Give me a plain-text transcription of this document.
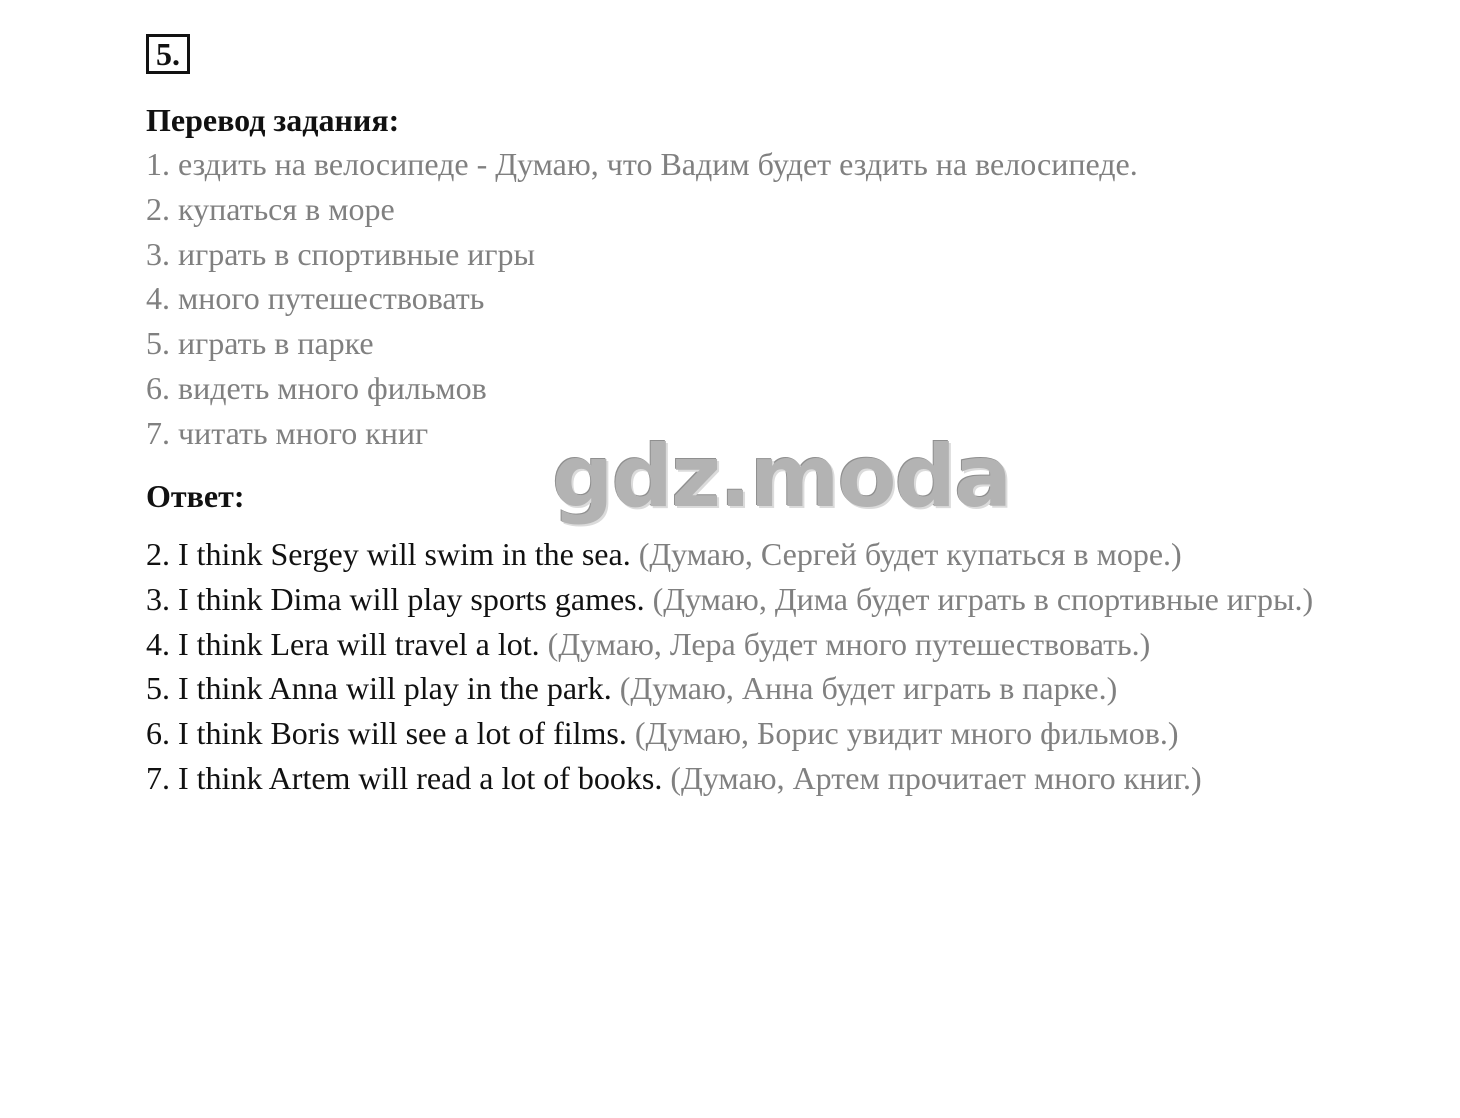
5.
Перевод задания:
1. ездить на велосипеде - Думаю, что Вадим будет ездить на велосипеде.
2. купаться в море
3. играть в спортивные игры
4. много путешествовать
5. играть в парке
6. видеть много фильмов
7. читать много книг
Ответ:
2. I think Sergey will swim in the sea. (Думаю, Сергей будет купаться в море.)
3. I think Dima will play sports games. (Думаю, Дима будет играть в спортивные игры.)
4. I think Lera will travel a lot. (Думаю, Лера будет много путешествовать.)
5. I think Anna will play in the park. (Думаю, Анна будет играть в парке.)
6. I think Boris will see a lot of films. (Думаю, Борис увидит много фильмов.)
7. I think Artem will read a lot of books. (Думаю, Артем прочитает много книг.)
gdz.moda
